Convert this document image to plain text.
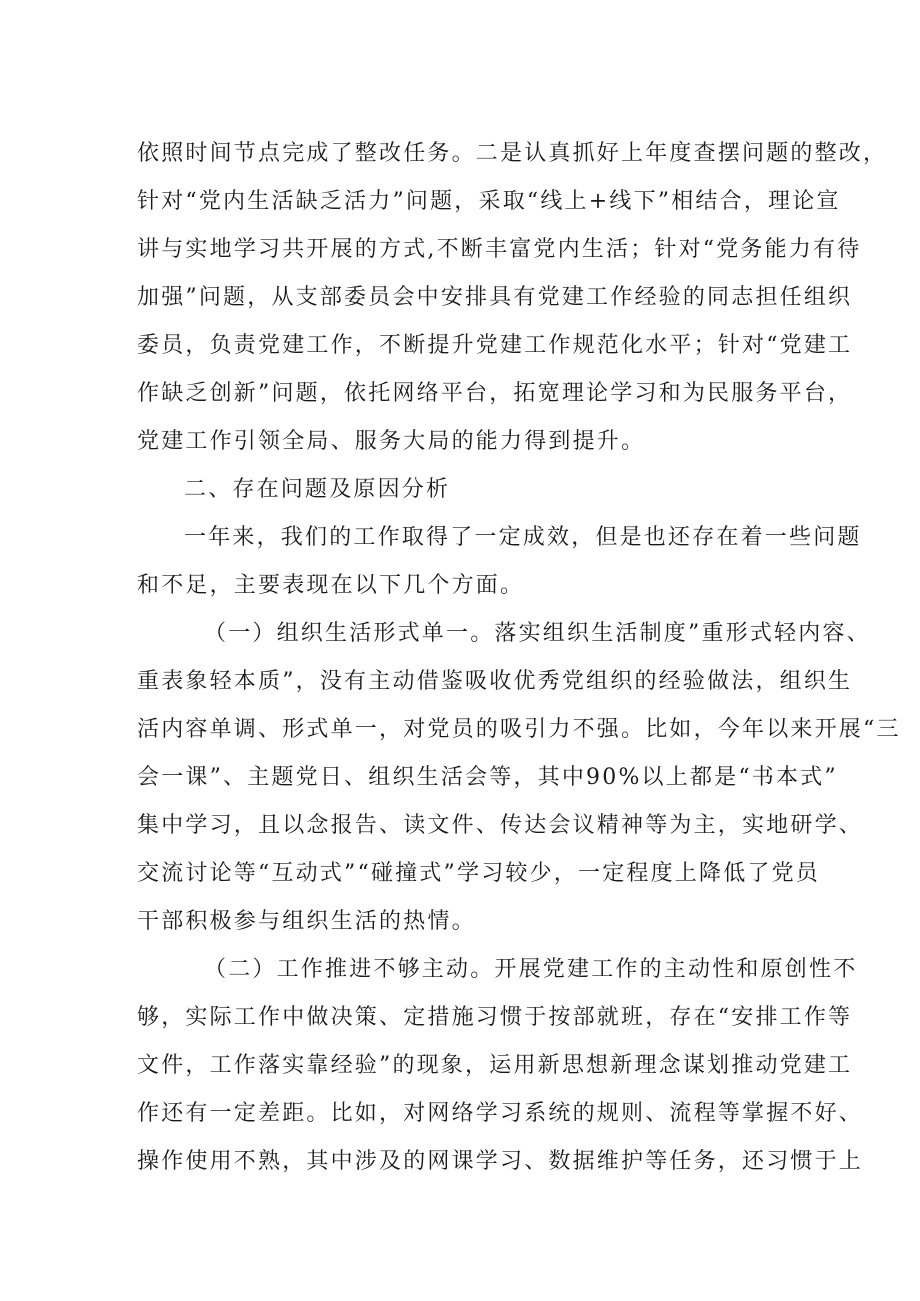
依照时间节点完成了整改任务。二是认真抓好上年度查摆问题的整改，
针对“党内生活缺乏活力”问题，采取“线上+线下”相结合，理论宣
讲与实地学习共开展的方式,不断丰富党内生活；针对“党务能力有待
加强”问题，从支部委员会中安排具有党建工作经验的同志担任组织
委员，负责党建工作，不断提升党建工作规范化水平；针对“党建工
作缺乏创新”问题，依托网络平台，拓宽理论学习和为民服务平台，
党建工作引领全局、服务大局的能力得到提升。
二、存在问题及原因分析
一年来，我们的工作取得了一定成效，但是也还存在着一些问题
和不足，主要表现在以下几个方面。
（一）组织生活形式单一。落实组织生活制度”重形式轻内容、
重表象轻本质”，没有主动借鉴吸收优秀党组织的经验做法，组织生
活内容单调、形式单一，对党员的吸引力不强。比如，今年以来开展“三
会一课”、主题党日、组织生活会等，其中90%以上都是“书本式”
集中学习，且以念报告、读文件、传达会议精神等为主，实地研学、
交流讨论等“互动式”“碰撞式”学习较少，一定程度上降低了党员
干部积极参与组织生活的热情。
（二）工作推进不够主动。开展党建工作的主动性和原创性不
够，实际工作中做决策、定措施习惯于按部就班，存在“安排工作等
文件，工作落实靠经验”的现象，运用新思想新理念谋划推动党建工
作还有一定差距。比如，对网络学习系统的规则、流程等掌握不好、
操作使用不熟，其中涉及的网课学习、数据维护等任务，还习惯于上
